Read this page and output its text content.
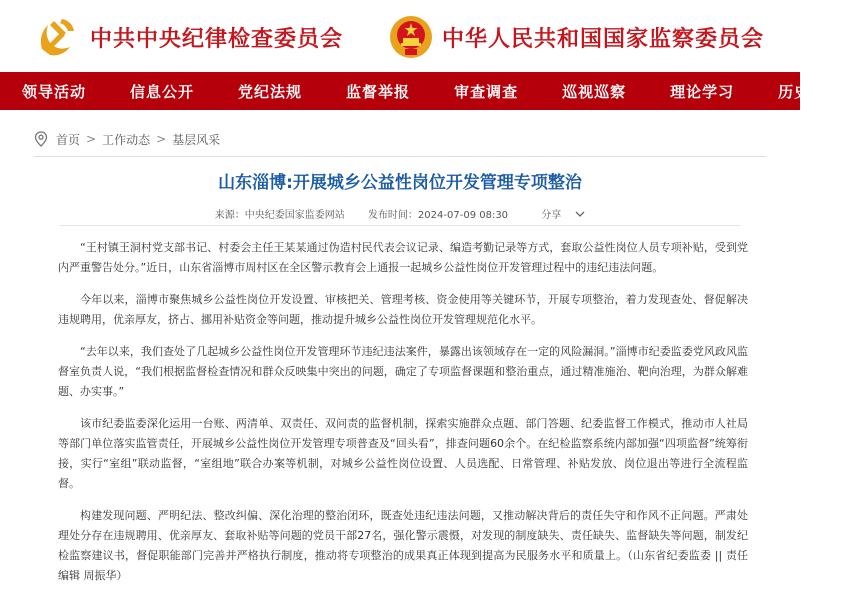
中共中央纪律检查委员会	中华人民共和国国家监察委员会
领导活动	信息公开	党纪法规	监督举报	审查调查	巡视巡察	理论学习	历史文化
首页 > 工作动态 > 基层风采
山东淄博:开展城乡公益性岗位开发管理专项整治
来源：中央纪委国家监委网站 发布时间：2024-07-09 08:30	分享

“王村镇王洞村党支部书记、村委会主任王某某通过伪造村民代表会议记录、编造考勤记录等方式，套取公益性岗位人员专项补贴，受到党内严重警告处分。”近日，山东省淄博市周村区在全区警示教育会上通报一起城乡公益性岗位开发管理过程中的违纪违法问题。

今年以来，淄博市聚焦城乡公益性岗位开发设置、审核把关、管理考核、资金使用等关键环节，开展专项整治，着力发现查处、督促解决违规聘用，优亲厚友，挤占、挪用补贴资金等问题，推动提升城乡公益性岗位开发管理规范化水平。

“去年以来，我们查处了几起城乡公益性岗位开发管理环节违纪违法案件，暴露出该领域存在一定的风险漏洞。”淄博市纪委监委党风政风监督室负责人说，“我们根据监督检查情况和群众反映集中突出的问题，确定了专项监督课题和整治重点，通过精准施治、靶向治理，为群众解难题、办实事。”

该市纪委监委深化运用一台账、两清单、双责任、双问责的监督机制，探索实施群众点题、部门答题、纪委监督工作模式，推动市人社局等部门单位落实监管责任，开展城乡公益性岗位开发管理专项普查及“回头看”，排查问题60余个。在纪检监察系统内部加强“四项监督”统筹衔接，实行“室组”联动监督，“室组地”联合办案等机制，对城乡公益性岗位设置、人员选配、日常管理、补贴发放、岗位退出等进行全流程监督。

构建发现问题、严明纪法、整改纠偏、深化治理的整治闭环，既查处违纪违法问题，又推动解决背后的责任失守和作风不正问题。严肃处理处分存在违规聘用、优亲厚友、套取补贴等问题的党员干部27名，强化警示震慑，对发现的制度缺失、责任缺失、监督缺失等问题，制发纪检监察建议书，督促职能部门完善并严格执行制度，推动将专项整治的成果真正体现到提高为民服务水平和质量上。（山东省纪委监委 || 责任编辑 周振华）
